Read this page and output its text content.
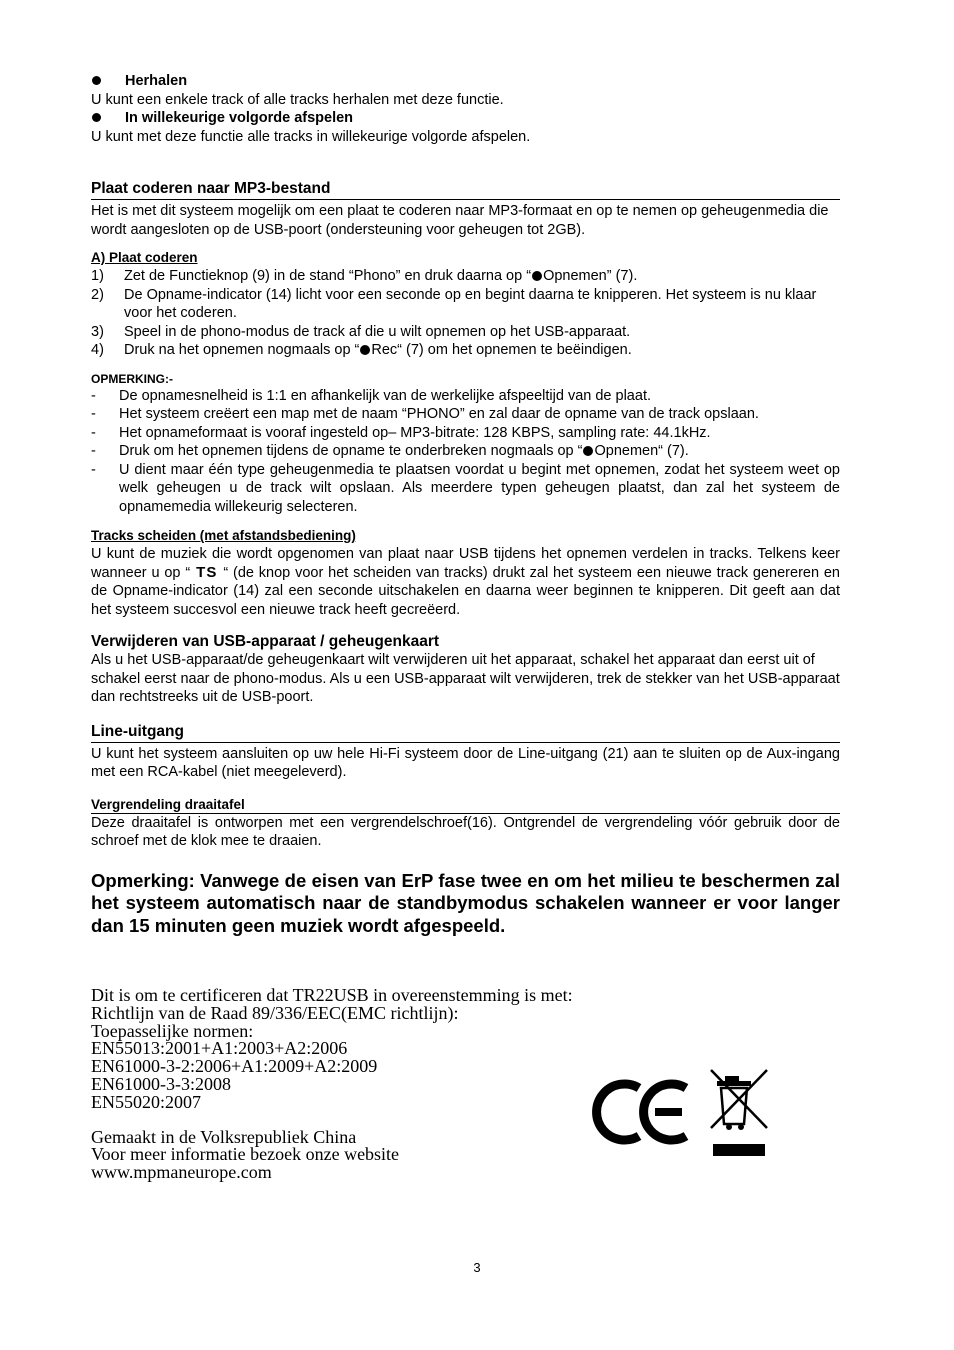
Herhalen
U kunt een enkele track of alle tracks herhalen met deze functie.
In willekeurige volgorde afspelen
U kunt met deze functie alle tracks in willekeurige volgorde afspelen.
Plaat coderen naar MP3-bestand
Het is met dit systeem mogelijk om een plaat te coderen naar MP3-formaat en op te nemen op geheugenmedia die wordt aangesloten op de USB-poort (ondersteuning voor geheugen tot 2GB).
A) Plaat coderen
1)	Zet de Functieknop (9) in de stand “Phono” en druk daarna op “ Opnemen” (7).
2)	De Opname-indicator (14) licht voor een seconde op en begint daarna te knipperen. Het systeem is nu klaar voor het coderen.
3)	Speel in de phono-modus de track af die u wilt opnemen op het USB-apparaat.
4)	Druk na het opnemen nogmaals op “ Rec“ (7) om het opnemen te beëindigen.
OPMERKING:-
-	De opnamesnelheid is 1:1 en afhankelijk van de werkelijke afspeeltijd van de plaat.
-	Het systeem creëert een map met de naam “PHONO” en zal daar de opname van de track opslaan.
-	Het opnameformaat is vooraf ingesteld op– MP3-bitrate: 128 KBPS, sampling rate: 44.1kHz.
-	Druk om het opnemen tijdens de opname te onderbreken nogmaals op “ Opnemen“ (7).
-	U dient maar één type geheugenmedia te plaatsen voordat u begint met opnemen, zodat het systeem weet op welk geheugen u de track wilt opslaan. Als meerdere typen geheugen plaatst, dan zal het systeem de opnamemedia willekeurig selecteren.
Tracks scheiden (met afstandsbediening)
U kunt de muziek die wordt opgenomen van plaat naar USB tijdens het opnemen verdelen in tracks. Telkens keer wanneer u op “ TS “ (de knop voor het scheiden van tracks) drukt zal het systeem een nieuwe track genereren en de Opname-indicator (14) zal een seconde uitschakelen en daarna weer beginnen te knipperen. Dit geeft aan dat het systeem succesvol een nieuwe track heeft gecreëerd.
Verwijderen van USB-apparaat / geheugenkaart
Als u het USB-apparaat/de geheugenkaart wilt verwijderen uit het apparaat, schakel het apparaat dan eerst uit of schakel eerst naar de phono-modus. Als u een USB-apparaat wilt verwijderen, trek de stekker van het USB-apparaat dan rechtstreeks uit de USB-poort.
Line-uitgang
U kunt het systeem aansluiten op uw hele Hi-Fi systeem door de Line-uitgang (21) aan te sluiten op de Aux-ingang met een RCA-kabel (niet meegeleverd).
Vergrendeling draaitafel
Deze draaitafel is ontworpen met een vergrendelschroef(16). Ontgrendel de vergrendeling vóór gebruik door de schroef met de klok mee te draaien.
Opmerking: Vanwege de eisen van ErP fase twee en om het milieu te beschermen zal het systeem automatisch naar de standbymodus schakelen wanneer er voor langer dan 15 minuten geen muziek wordt afgespeeld.
Dit is om te certificeren dat TR22USB in overeenstemming is met:
Richtlijn van de Raad 89/336/EEC(EMC richtlijn):
Toepasselijke normen:
EN55013:2001+A1:2003+A2:2006
EN61000-3-2:2006+A1:2009+A2:2009
EN61000-3-3:2008
EN55020:2007
Gemaakt in de Volksrepubliek China
Voor meer informatie bezoek onze website
www.mpmaneurope.com
3
